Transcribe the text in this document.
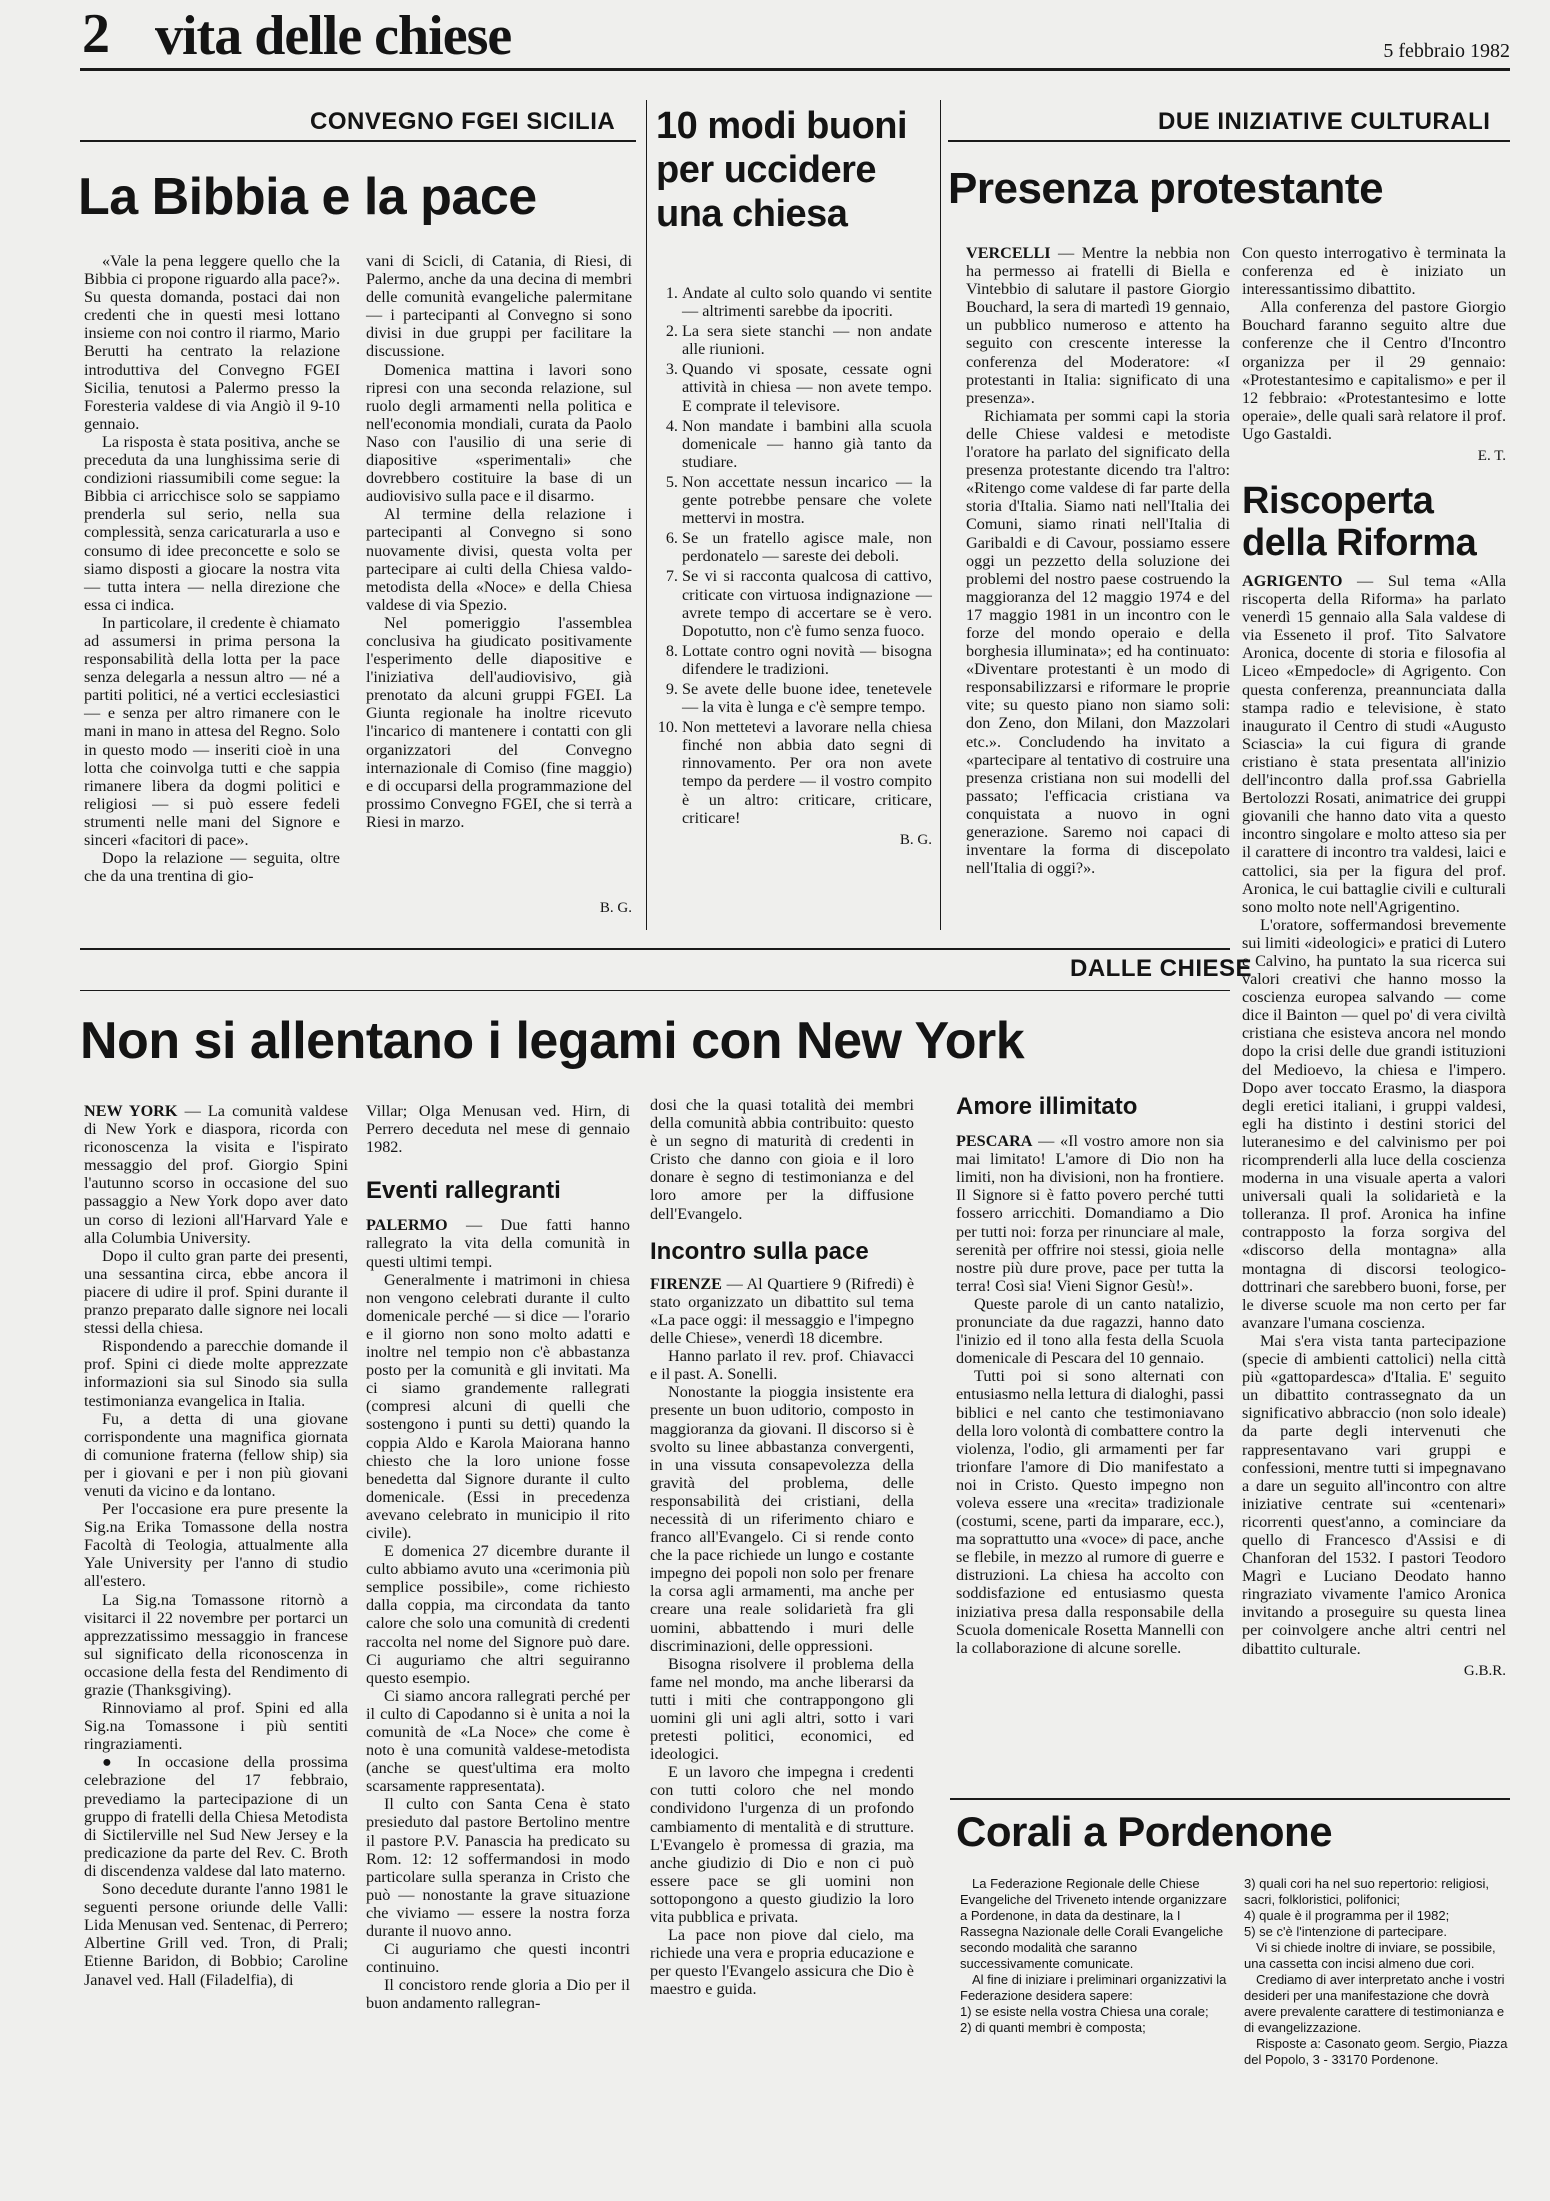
2 vita delle chiese	5 febbraio 1982
CONVEGNO FGEI SICILIA
La Bibbia e la pace

«Vale la pena leggere quello che la Bibbia ci propone riguardo alla pace?». Su questa domanda, postaci dai non credenti che in questi mesi lottano insieme con noi contro il riarmo, Mario Berutti ha centrato la relazione introduttiva del Convegno FGEI Sicilia, tenutosi a Palermo presso la Foresteria valdese di via Angiò il 9-10 gennaio.

La risposta è stata positiva, anche se preceduta da una lunghissima serie di condizioni riassumibili come segue: la Bibbia ci arricchisce solo se sappiamo prenderla sul serio, nella sua complessità, senza caricaturarla a uso e consumo di idee preconcette e solo se siamo disposti a giocare la nostra vita — tutta intera — nella direzione che essa ci indica.

In particolare, il credente è chiamato ad assumersi in prima persona la responsabilità della lotta per la pace senza delegarla a nessun altro — né a partiti politici, né a vertici ecclesiastici — e senza per altro rimanere con le mani in mano in attesa del Regno. Solo in questo modo — inseriti cioè in una lotta che coinvolga tutti e che sappia rimanere libera da dogmi politici e religiosi — si può essere fedeli strumenti nelle mani del Signore e sinceri «facitori di pace».

Dopo la relazione — seguita, oltre che da una trentina di gio-

vani di Scicli, di Catania, di Riesi, di Palermo, anche da una decina di membri delle comunità evangeliche palermitane — i partecipanti al Convegno si sono divisi in due gruppi per facilitare la discussione.

Domenica mattina i lavori sono ripresi con una seconda relazione, sul ruolo degli armamenti nella politica e nell'economia mondiali, curata da Paolo Naso con l'ausilio di una serie di diapositive «sperimentali» che dovrebbero costituire la base di un audiovisivo sulla pace e il disarmo.

Al termine della relazione i partecipanti al Convegno si sono nuovamente divisi, questa volta per partecipare ai culti della Chiesa valdo-metodista della «Noce» e della Chiesa valdese di via Spezio.

Nel pomeriggio l'assemblea conclusiva ha giudicato positivamente l'esperimento delle diapositive e l'iniziativa dell'audiovisivo, già prenotato da alcuni gruppi FGEI. La Giunta regionale ha inoltre ricevuto l'incarico di mantenere i contatti con gli organizzatori del Convegno internazionale di Comiso (fine maggio) e di occuparsi della programmazione del prossimo Convegno FGEI, che si terrà a Riesi in marzo.

10 modi buoni per uccidere una chiesa
1. Andate al culto solo quando vi sentite — altrimenti sarebbe da ipocriti.
2. La sera siete stanchi — non andate alle riunioni.
3. Quando vi sposate, cessate ogni attività in chiesa — non avete tempo. E comprate il televisore.
4. Non mandate i bambini alla scuola domenicale — hanno già tanto da studiare.
5. Non accettate nessun incarico — la gente potrebbe pensare che volete mettervi in mostra.
6. Se un fratello agisce male, non perdonatelo — sareste dei deboli.
7. Se vi si racconta qualcosa di cattivo, criticate con virtuosa indignazione — avrete tempo di accertare se è vero. Dopotutto, non c'è fumo senza fuoco.
8. Lottate contro ogni novità — bisogna difendere le tradizioni.
9. Se avete delle buone idee, tenetevele — la vita è lunga e c'è sempre tempo.
10. Non mettetevi a lavorare nella chiesa finché non abbia dato segni di rinnovamento. Per ora non avete tempo da perdere — il vostro compito è un altro: criticare, criticare, criticare!
B. G.
DUE INIZIATIVE CULTURALI
Presenza protestante

VERCELLI — Mentre la nebbia non ha permesso ai fratelli di Biella e Vintebbio di salutare il pastore Giorgio Bouchard, la sera di martedì 19 gennaio, un pubblico numeroso e attento ha seguito con crescente interesse la conferenza del Moderatore: «I protestanti in Italia: significato di una presenza».

Richiamata per sommi capi la storia delle Chiese valdesi e metodiste l'oratore ha parlato del significato della presenza protestante dicendo tra l'altro: «Ritengo come valdese di far parte della storia d'Italia. Siamo nati nell'Italia dei Comuni, siamo rinati nell'Italia di Garibaldi e di Cavour, possiamo essere oggi un pezzetto della soluzione dei problemi del nostro paese costruendo la maggioranza del 12 maggio 1974 e del 17 maggio 1981 in un incontro con le forze del mondo operaio e della borghesia illuminata»; ed ha continuato: «Diventare protestanti è un modo di responsabilizzarsi e riformare le proprie vite; su questo piano non siamo soli: don Zeno, don Milani, don Mazzolari etc.». Concludendo ha invitato a «partecipare al tentativo di costruire una presenza cristiana non sui modelli del passato; l'efficacia cristiana va conquistata a nuovo in ogni generazione. Saremo noi capaci di inventare la forma di discepolato nell'Italia di oggi?».

Con questo interrogativo è terminata la conferenza ed è iniziato un interessantissimo dibattito.

Alla conferenza del pastore Giorgio Bouchard faranno seguito altre due conferenze che il Centro d'Incontro organizza per il 29 gennaio: «Protestantesimo e capitalismo» e per il 12 febbraio: «Protestantesimo e lotte operaie», delle quali sarà relatore il prof. Ugo Gastaldi.

E. T.
Riscoperta della Riforma

AGRIGENTO — Sul tema «Alla riscoperta della Riforma» ha parlato venerdì 15 gennaio alla Sala valdese di via Esseneto il prof. Tito Salvatore Aronica, docente di storia e filosofia al Liceo «Empedocle» di Agrigento. Con questa conferenza, preannunciata dalla stampa radio e televisione, è stato inaugurato il Centro di studi «Augusto Sciascia» la cui figura di grande cristiano è stata presentata all'inizio dell'incontro dalla prof.ssa Gabriella Bertolozzi Rosati, animatrice dei gruppi giovanili che hanno dato vita a questo incontro singolare e molto atteso sia per il carattere di incontro tra valdesi, laici e cattolici, sia per la figura del prof. Aronica, le cui battaglie civili e culturali sono molto note nell'Agrigentino.

L'oratore, soffermandosi brevemente sui limiti «ideologici» e pratici di Lutero e Calvino, ha puntato la sua ricerca sui valori creativi che hanno mosso la coscienza europea salvando — come dice il Bainton — quel po' di vera civiltà cristiana che esisteva ancora nel mondo dopo la crisi delle due grandi istituzioni del Medioevo, la chiesa e l'impero. Dopo aver toccato Erasmo, la diaspora degli eretici italiani, i gruppi valdesi, egli ha distinto i destini storici del luteranesimo e del calvinismo per poi ricomprenderli alla luce della coscienza moderna in una visuale aperta a valori universali quali la solidarietà e la tolleranza. Il prof. Aronica ha infine contrapposto la forza sorgiva del «discorso della montagna» alla montagna di discorsi teologico-dottrinari che sarebbero buoni, forse, per le diverse scuole ma non certo per far avanzare l'umana coscienza.

Mai s'era vista tanta partecipazione (specie di ambienti cattolici) nella città più «gattopardesca» d'Italia. E' seguito un dibattito contrassegnato da un significativo abbraccio (non solo ideale) da parte degli intervenuti che rappresentavano vari gruppi e confessioni, mentre tutti si impegnavano a dare un seguito all'incontro con altre iniziative centrate sui «centenari» ricorrenti quest'anno, a cominciare da quello di Francesco d'Assisi e di Chanforan del 1532. I pastori Teodoro Magrì e Luciano Deodato hanno ringraziato vivamente l'amico Aronica invitando a proseguire su questa linea per coinvolgere anche altri centri nel dibattito culturale.

G.B.R.
DALLE CHIESE
Non si allentano i legami con New York

NEW YORK — La comunità valdese di New York e diaspora, ricorda con riconoscenza la visita e l'ispirato messaggio del prof. Giorgio Spini l'autunno scorso in occasione del suo passaggio a New York dopo aver dato un corso di lezioni all'Harvard Yale e alla Columbia University.

Dopo il culto gran parte dei presenti, una sessantina circa, ebbe ancora il piacere di udire il prof. Spini durante il pranzo preparato dalle signore nei locali stessi della chiesa.

Rispondendo a parecchie domande il prof. Spini ci diede molte apprezzate informazioni sia sul Sinodo sia sulla testimonianza evangelica in Italia.

Fu, a detta di una giovane corrispondente una magnifica giornata di comunione fraterna (fellow ship) sia per i giovani e per i non più giovani venuti da vicino e da lontano.

Per l'occasione era pure presente la Sig.na Erika Tomassone della nostra Facoltà di Teologia, attualmente alla Yale University per l'anno di studio all'estero.

La Sig.na Tomassone ritornò a visitarci il 22 novembre per portarci un apprezzatissimo messaggio in francese sul significato della riconoscenza in occasione della festa del Rendimento di grazie (Thanksgiving).

Rinnoviamo al prof. Spini ed alla Sig.na Tomassone i più sentiti ringraziamenti.

● In occasione della prossima celebrazione del 17 febbraio, prevediamo la partecipazione di un gruppo di fratelli della Chiesa Metodista di Sictilerville nel Sud New Jersey e la predicazione da parte del Rev. C. Broth di discendenza valdese dal lato materno.

Sono decedute durante l'anno 1981 le seguenti persone oriunde delle Valli: Lida Menusan ved. Sentenac, di Perrero; Albertine Grill ved. Tron, di Prali; Etienne Baridon, di Bobbio; Caroline Janavel ved. Hall (Filadelfia), di

Villar; Olga Menusan ved. Hirn, di Perrero deceduta nel mese di gennaio 1982.

Eventi rallegranti

PALERMO — Due fatti hanno rallegrato la vita della comunità in questi ultimi tempi.

Generalmente i matrimoni in chiesa non vengono celebrati durante il culto domenicale perché — si dice — l'orario e il giorno non sono molto adatti e inoltre nel tempio non c'è abbastanza posto per la comunità e gli invitati. Ma ci siamo grandemente rallegrati (compresi alcuni di quelli che sostengono i punti su detti) quando la coppia Aldo e Karola Maiorana hanno chiesto che la loro unione fosse benedetta dal Signore durante il culto domenicale. (Essi in precedenza avevano celebrato in municipio il rito civile).

E domenica 27 dicembre durante il culto abbiamo avuto una «cerimonia più semplice possibile», come richiesto dalla coppia, ma circondata da tanto calore che solo una comunità di credenti raccolta nel nome del Signore può dare. Ci auguriamo che altri seguiranno questo esempio.

Ci siamo ancora rallegrati perché per il culto di Capodanno si è unita a noi la comunità de «La Noce» che come è noto è una comunità valdese-metodista (anche se quest'ultima era molto scarsamente rappresentata).

Il culto con Santa Cena è stato presieduto dal pastore Bertolino mentre il pastore P.V. Panascia ha predicato su Rom. 12: 12 soffermandosi in modo particolare sulla speranza in Cristo che può — nonostante la grave situazione che viviamo — essere la nostra forza durante il nuovo anno.

Ci auguriamo che questi incontri continuino.

Il concistoro rende gloria a Dio per il buon andamento rallegran-

dosi che la quasi totalità dei membri della comunità abbia contribuito: questo è un segno di maturità di credenti in Cristo che danno con gioia e il loro donare è segno di testimonianza e del loro amore per la diffusione dell'Evangelo.

Incontro sulla pace

FIRENZE — Al Quartiere 9 (Rifredi) è stato organizzato un dibattito sul tema «La pace oggi: il messaggio e l'impegno delle Chiese», venerdì 18 dicembre.

Hanno parlato il rev. prof. Chiavacci e il past. A. Sonelli.

Nonostante la pioggia insistente era presente un buon uditorio, composto in maggioranza da giovani. Il discorso si è svolto su linee abbastanza convergenti, in una vissuta consapevolezza della gravità del problema, delle responsabilità dei cristiani, della necessità di un riferimento chiaro e franco all'Evangelo. Ci si rende conto che la pace richiede un lungo e costante impegno dei popoli non solo per frenare la corsa agli armamenti, ma anche per creare una reale solidarietà fra gli uomini, abbattendo i muri delle discriminazioni, delle oppressioni.

Bisogna risolvere il problema della fame nel mondo, ma anche liberarsi da tutti i miti che contrappongono gli uomini gli uni agli altri, sotto i vari pretesti politici, economici, ed ideologici.

E un lavoro che impegna i credenti con tutti coloro che nel mondo condividono l'urgenza di un profondo cambiamento di mentalità e di strutture. L'Evangelo è promessa di grazia, ma anche giudizio di Dio e non ci può essere pace se gli uomini non sottopongono a questo giudizio la loro vita pubblica e privata.

La pace non piove dal cielo, ma richiede una vera e propria educazione e per questo l'Evangelo assicura che Dio è maestro e guida.

Amore illimitato

PESCARA — «Il vostro amore non sia mai limitato! L'amore di Dio non ha limiti, non ha divisioni, non ha frontiere. Il Signore si è fatto povero perché tutti fossero arricchiti. Domandiamo a Dio per tutti noi: forza per rinunciare al male, serenità per offrire noi stessi, gioia nelle nostre più dure prove, pace per tutta la terra! Così sia! Vieni Signor Gesù!».

Queste parole di un canto natalizio, pronunciate da due ragazzi, hanno dato l'inizio ed il tono alla festa della Scuola domenicale di Pescara del 10 gennaio.

Tutti poi si sono alternati con entusiasmo nella lettura di dialoghi, passi biblici e nel canto che testimoniavano della loro volontà di combattere contro la violenza, l'odio, gli armamenti per far trionfare l'amore di Dio manifestato a noi in Cristo. Questo impegno non voleva essere una «recita» tradizionale (costumi, scene, parti da imparare, ecc.), ma soprattutto una «voce» di pace, anche se flebile, in mezzo al rumore di guerre e distruzioni. La chiesa ha accolto con soddisfazione ed entusiasmo questa iniziativa presa dalla responsabile della Scuola domenicale Rosetta Mannelli con la collaborazione di alcune sorelle.

Corali a Pordenone

La Federazione Regionale delle Chiese Evangeliche del Triveneto intende organizzare a Pordenone, in data da destinare, la I Rassegna Nazionale delle Corali Evangeliche secondo modalità che saranno successivamente comunicate.

Al fine di iniziare i preliminari organizzativi la Federazione desidera sapere:

1) se esiste nella vostra Chiesa una corale;

2) di quanti membri è composta;

3) quali cori ha nel suo repertorio: religiosi, sacri, folkloristici, polifonici;

4) quale è il programma per il 1982;

5) se c'è l'intenzione di partecipare.

Vi si chiede inoltre di inviare, se possibile, una cassetta con incisi almeno due cori.

Crediamo di aver interpretato anche i vostri desideri per una manifestazione che dovrà avere prevalente carattere di testimonianza e di evangelizzazione.

Risposte a: Casonato geom. Sergio, Piazza del Popolo, 3 - 33170 Pordenone.

B. G.
